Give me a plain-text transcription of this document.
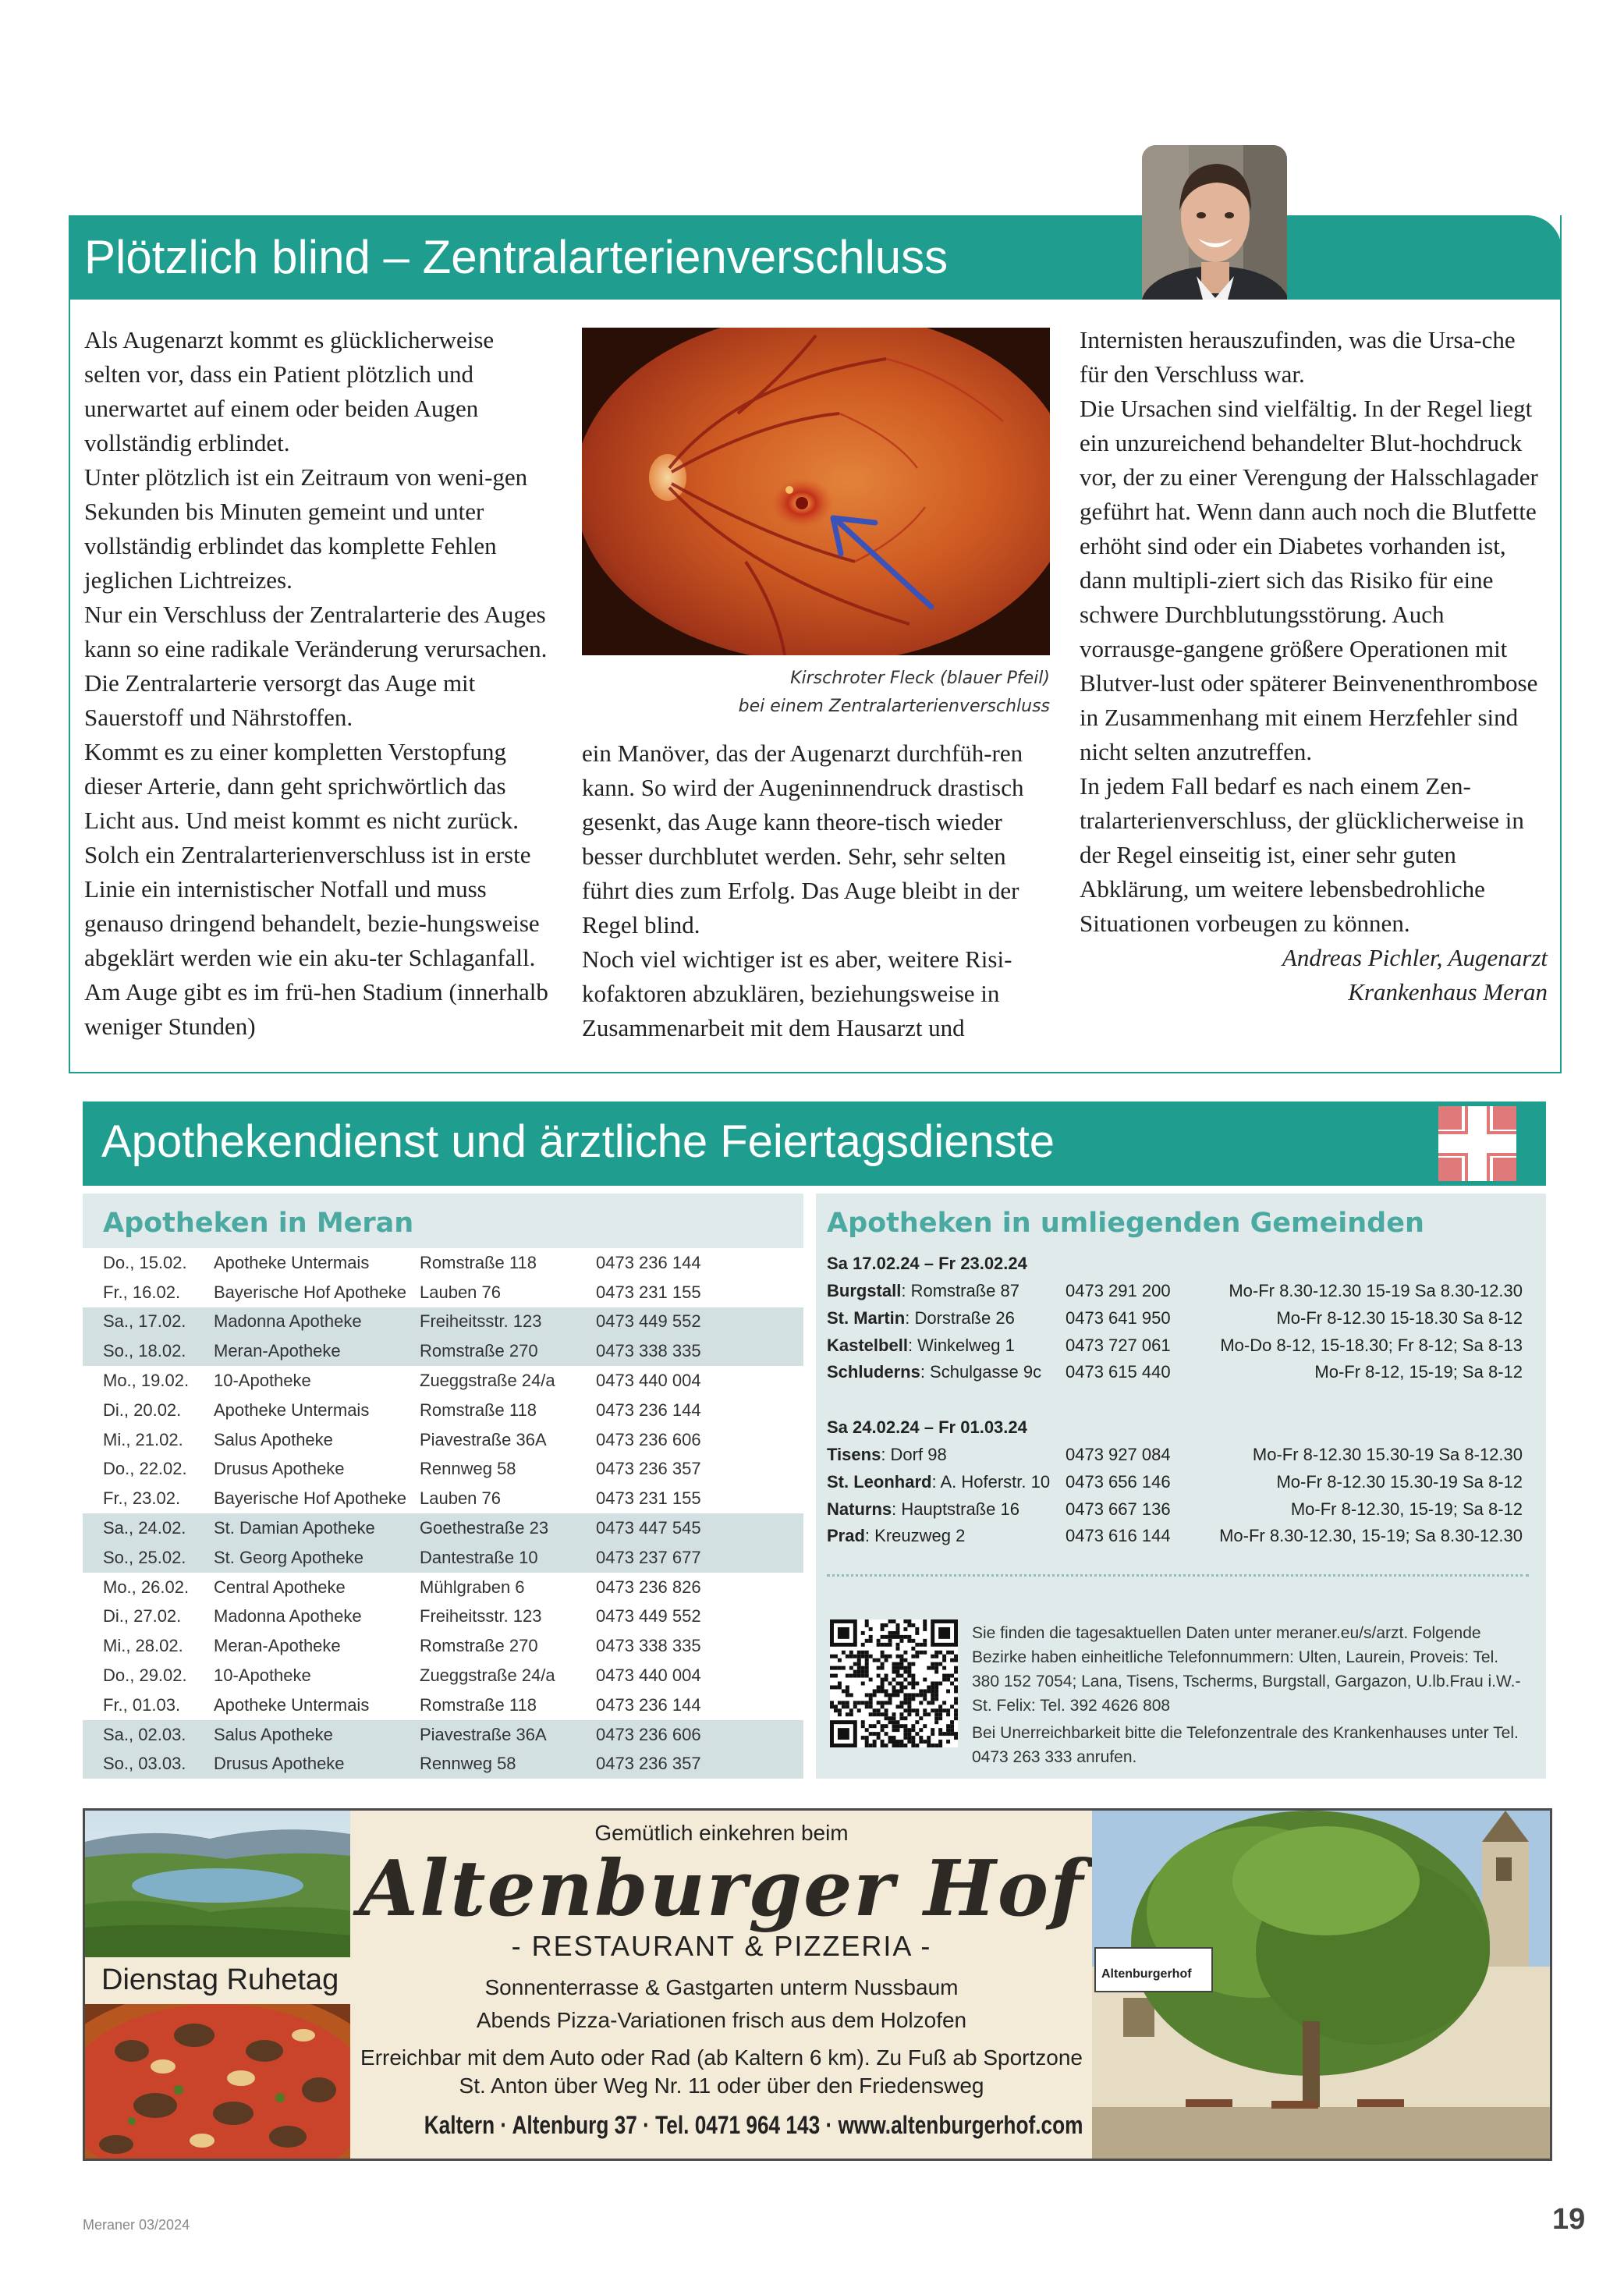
Plötzlich blind – Zentralarterienverschluss

Als Augenarzt kommt es glücklicherweise selten vor, dass ein Patient plötzlich und unerwartet auf einem oder beiden Augen vollständig erblindet.

Unter plötzlich ist ein Zeitraum von weni-gen Sekunden bis Minuten gemeint und unter vollständig erblindet das komplette Fehlen jeglichen Lichtreizes.

Nur ein Verschluss der Zentralarterie des Auges kann so eine radikale Veränderung verursachen. Die Zentralarterie versorgt das Auge mit Sauerstoff und Nährstoffen.

Kommt es zu einer kompletten Verstopfung dieser Arterie, dann geht sprichwörtlich das Licht aus. Und meist kommt es nicht zurück. Solch ein Zentralarterienverschluss ist in erste Linie ein internistischer Notfall und muss genauso dringend behandelt, bezie-hungsweise abgeklärt werden wie ein aku-ter Schlaganfall. Am Auge gibt es im frü-hen Stadium (innerhalb weniger Stunden)

Kirschroter Fleck (blauer Pfeil)
bei einem Zentralarterienverschluss

ein Manöver, das der Augenarzt durchfüh-ren kann. So wird der Augeninnendruck drastisch gesenkt, das Auge kann theore-tisch wieder besser durchblutet werden. Sehr, sehr selten führt dies zum Erfolg. Das Auge bleibt in der Regel blind.

Noch viel wichtiger ist es aber, weitere Risi-kofaktoren abzuklären, beziehungsweise in Zusammenarbeit mit dem Hausarzt und

Internisten herauszufinden, was die Ursa-che für den Verschluss war.

Die Ursachen sind vielfältig. In der Regel liegt ein unzureichend behandelter Blut-hochdruck vor, der zu einer Verengung der Halsschlagader geführt hat. Wenn dann auch noch die Blutfette erhöht sind oder ein Diabetes vorhanden ist, dann multipli-ziert sich das Risiko für eine schwere Durchblutungsstörung. Auch vorrausge-gangene größere Operationen mit Blutver-lust oder späterer Beinvenenthrombose in Zusammenhang mit einem Herzfehler sind nicht selten anzutreffen.

In jedem Fall bedarf es nach einem Zen-tralarterienverschluss, der glücklicherweise in der Regel einseitig ist, einer sehr guten Abklärung, um weitere lebensbedrohliche Situationen vorbeugen zu können.

Andreas Pichler, Augenarzt

Krankenhaus Meran

Apothekendienst und ärztliche Feiertagsdienste
Apotheken in Meran	Apotheken in umliegenden Gemeinden
Do., 15.02.	Apotheke Untermais	Romstraße 118	0473 236 144
Fr., 16.02.	Bayerische Hof Apotheke	Lauben 76	0473 231 155
Sa., 17.02.	Madonna Apotheke	Freiheitsstr. 123	0473 449 552
So., 18.02.	Meran-Apotheke	Romstraße 270	0473 338 335
Mo., 19.02.	10-Apotheke	Zueggstraße 24/a	0473 440 004
Di., 20.02.	Apotheke Untermais	Romstraße 118	0473 236 144
Mi., 21.02.	Salus Apotheke	Piavestraße 36A	0473 236 606
Do., 22.02.	Drusus Apotheke	Rennweg 58	0473 236 357
Fr., 23.02.	Bayerische Hof Apotheke	Lauben 76	0473 231 155
Sa., 24.02.	St. Damian Apotheke	Goethestraße 23	0473 447 545
So., 25.02.	St. Georg Apotheke	Dantestraße 10	0473 237 677
Mo., 26.02.	Central Apotheke	Mühlgraben 6	0473 236 826
Di., 27.02.	Madonna Apotheke	Freiheitsstr. 123	0473 449 552
Mi., 28.02.	Meran-Apotheke	Romstraße 270	0473 338 335
Do., 29.02.	10-Apotheke	Zueggstraße 24/a	0473 440 004
Fr., 01.03.	Apotheke Untermais	Romstraße 118	0473 236 144
Sa., 02.03.	Salus Apotheke	Piavestraße 36A	0473 236 606
So., 03.03.	Drusus Apotheke	Rennweg 58	0473 236 357
Sa 17.02.24 – Fr 23.02.24
Burgstall: Romstraße 87	0473 291 200	Mo-Fr 8.30-12.30 15-19 Sa 8.30-12.30
St. Martin: Dorstraße 26	0473 641 950	Mo-Fr 8-12.30 15-18.30 Sa 8-12
Kastelbell: Winkelweg 1	0473 727 061	Mo-Do 8-12, 15-18.30; Fr 8-12; Sa 8-13
Schluderns: Schulgasse 9c 0473 615 440	Mo-Fr 8-12, 15-19; Sa 8-12
Sa 24.02.24 – Fr 01.03.24
Tisens: Dorf 98	0473 927 084	Mo-Fr 8-12.30 15.30-19 Sa 8-12.30
St. Leonhard: A. Hoferstr. 10 0473 656 146	Mo-Fr 8-12.30 15.30-19 Sa 8-12
Naturns: Hauptstraße 16	0473 667 136	Mo-Fr 8-12.30, 15-19; Sa 8-12
Prad: Kreuzweg 2	0473 616 144	Mo-Fr 8.30-12.30, 15-19; Sa 8.30-12.30

Sie finden die tagesaktuellen Daten unter meraner.eu/s/arzt. Folgende Bezirke haben einheitliche Telefonnummern: Ulten, Laurein, Proveis: Tel. 380 152 7054; Lana, Tisens, Tscherms, Burgstall, Gargazon, U.lb.Frau i.W.-St. Felix: Tel. 392 4626 808

Bei Unerreichbarkeit bitte die Telefonzentrale des Krankenhauses unter Tel. 0473 263 333 anrufen.

Dienstag Ruhetag
Gemütlich einkehren beim
Altenburger Hof
- RESTAURANT & PIZZERIA -
Sonnenterrasse & Gastgarten unterm Nussbaum
Abends Pizza-Variationen frisch aus dem Holzofen
Erreichbar mit dem Auto oder Rad (ab Kaltern 6 km). Zu Fuß ab Sportzone
St. Anton über Weg Nr. 11 oder über den Friedensweg
Kaltern · Altenburg 37 · Tel. 0471 964 143 · www.altenburgerhof.com
Altenburgerhof
Meraner 03/2024	19
